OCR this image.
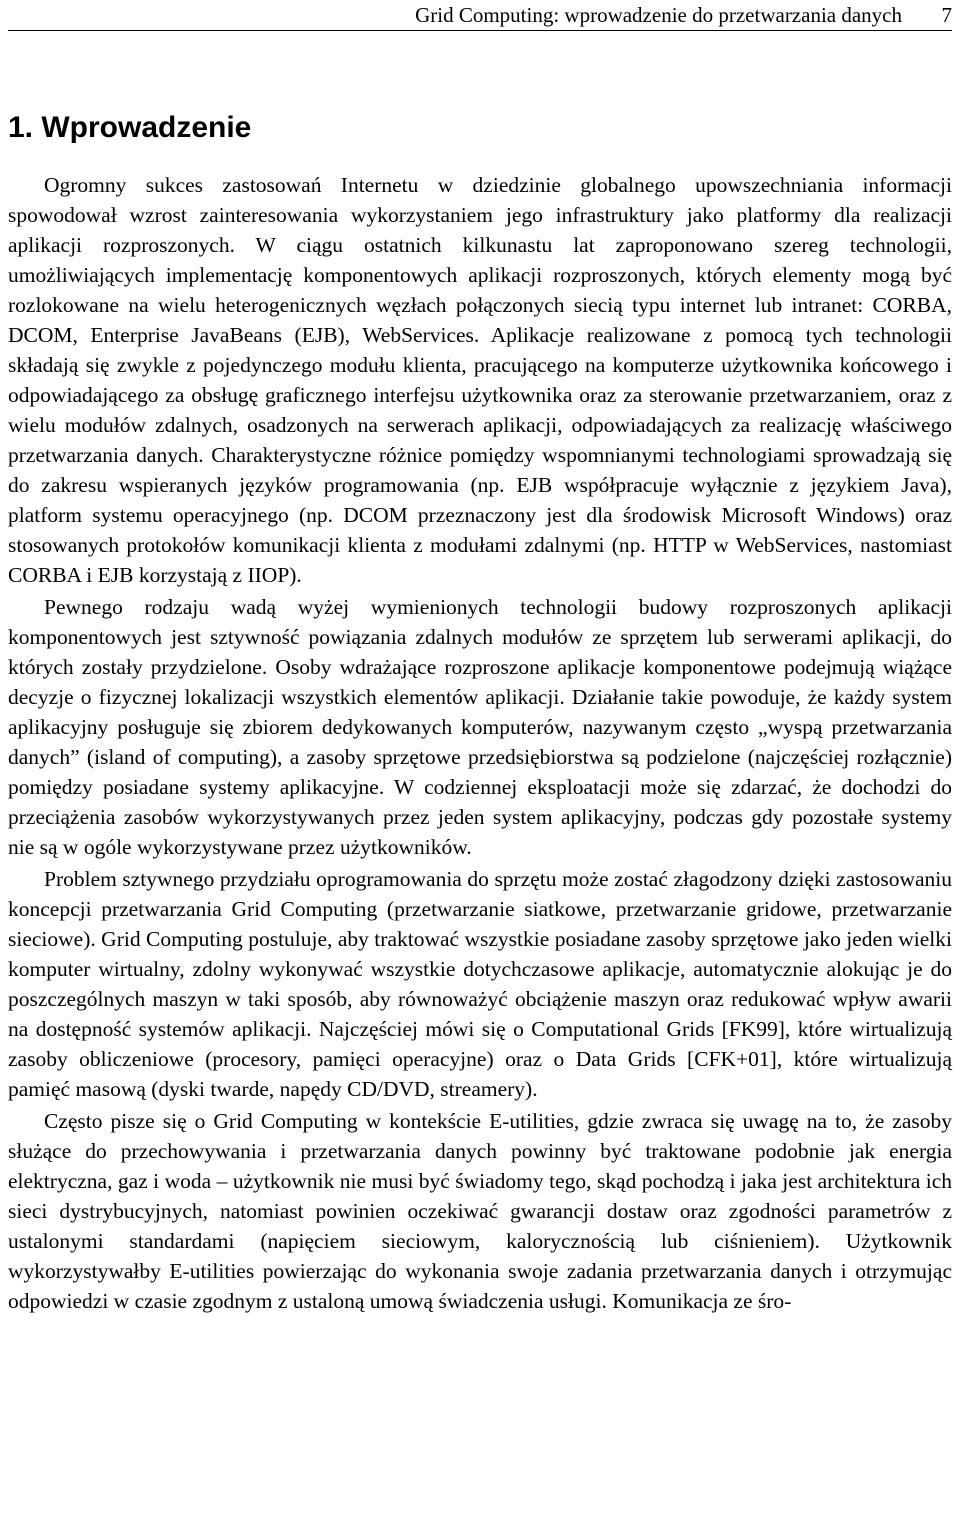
Grid Computing: wprowadzenie do przetwarzania danych 7
1. Wprowadzenie

Ogromny sukces zastosowań Internetu w dziedzinie globalnego upowszechniania informacji spowodował wzrost zainteresowania wykorzystaniem jego infrastruktury jako platformy dla realizacji aplikacji rozproszonych. W ciągu ostatnich kilkunastu lat zaproponowano szereg technologii, umożliwiających implementację komponentowych aplikacji rozproszonych, których elementy mogą być rozlokowane na wielu heterogenicznych węzłach połączonych siecią typu internet lub intranet: CORBA, DCOM, Enterprise JavaBeans (EJB), WebServices. Aplikacje realizowane z pomocą tych technologii składają się zwykle z pojedynczego modułu klienta, pracującego na komputerze użytkownika końcowego i odpowiadającego za obsługę graficznego interfejsu użytkownika oraz za sterowanie przetwarzaniem, oraz z wielu modułów zdalnych, osadzonych na serwerach aplikacji, odpowiadających za realizację właściwego przetwarzania danych. Charakterystyczne różnice pomiędzy wspomnianymi technologiami sprowadzają się do zakresu wspieranych języków programowania (np. EJB współpracuje wyłącznie z językiem Java), platform systemu operacyjnego (np. DCOM przeznaczony jest dla środowisk Microsoft Windows) oraz stosowanych protokołów komunikacji klienta z modułami zdalnymi (np. HTTP w WebServices, nastomiast CORBA i EJB korzystają z IIOP).

Pewnego rodzaju wadą wyżej wymienionych technologii budowy rozproszonych aplikacji komponentowych jest sztywność powiązania zdalnych modułów ze sprzętem lub serwerami aplikacji, do których zostały przydzielone. Osoby wdrażające rozproszone aplikacje komponentowe podejmują wiążące decyzje o fizycznej lokalizacji wszystkich elementów aplikacji. Działanie takie powoduje, że każdy system aplikacyjny posługuje się zbiorem dedykowanych komputerów, nazywanym często „wyspą przetwarzania danych” (island of computing), a zasoby sprzętowe przedsiębiorstwa są podzielone (najczęściej rozłącznie) pomiędzy posiadane systemy aplikacyjne. W codziennej eksploatacji może się zdarzać, że dochodzi do przeciążenia zasobów wykorzystywanych przez jeden system aplikacyjny, podczas gdy pozostałe systemy nie są w ogóle wykorzystywane przez użytkowników.

Problem sztywnego przydziału oprogramowania do sprzętu może zostać złagodzony dzięki zastosowaniu koncepcji przetwarzania Grid Computing (przetwarzanie siatkowe, przetwarzanie gridowe, przetwarzanie sieciowe). Grid Computing postuluje, aby traktować wszystkie posiadane zasoby sprzętowe jako jeden wielki komputer wirtualny, zdolny wykonywać wszystkie dotychczasowe aplikacje, automatycznie alokując je do poszczególnych maszyn w taki sposób, aby równoważyć obciążenie maszyn oraz redukować wpływ awarii na dostępność systemów aplikacji. Najczęściej mówi się o Computational Grids [FK99], które wirtualizują zasoby obliczeniowe (procesory, pamięci operacyjne) oraz o Data Grids [CFK+01], które wirtualizują pamięć masową (dyski twarde, napędy CD/DVD, streamery).

Często pisze się o Grid Computing w kontekście E-utilities, gdzie zwraca się uwagę na to, że zasoby służące do przechowywania i przetwarzania danych powinny być traktowane podobnie jak energia elektryczna, gaz i woda – użytkownik nie musi być świadomy tego, skąd pochodzą i jaka jest architektura ich sieci dystrybucyjnych, natomiast powinien oczekiwać gwarancji dostaw oraz zgodności parametrów z ustalonymi standardami (napięciem sieciowym, kalorycznością lub ciśnieniem). Użytkownik wykorzystywałby E-utilities powierzając do wykonania swoje zadania przetwarzania danych i otrzymując odpowiedzi w czasie zgodnym z ustaloną umową świadczenia usługi. Komunikacja ze śro-
